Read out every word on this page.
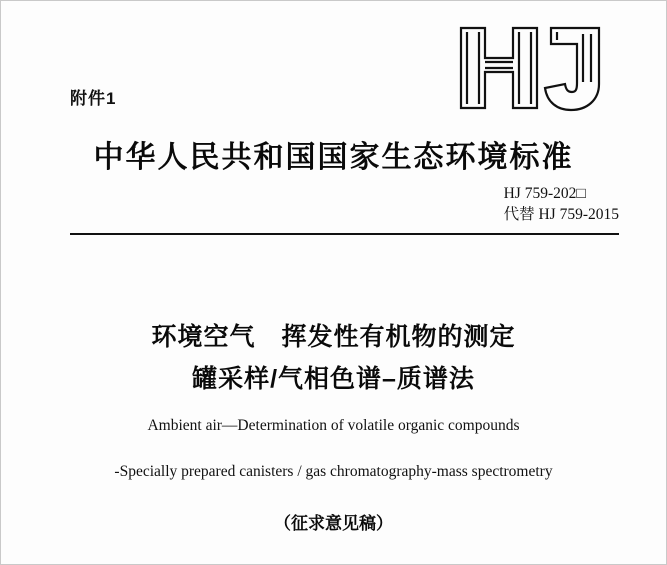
附件1
中华人民共和国国家生态环境标准
HJ 759-202□
代替 HJ 759-2015
环境空气　挥发性有机物的测定
罐采样/气相色谱–质谱法
Ambient air—Determination of volatile organic compounds
-Specially prepared canisters / gas chromatography-mass spectrometry
（征求意见稿）
